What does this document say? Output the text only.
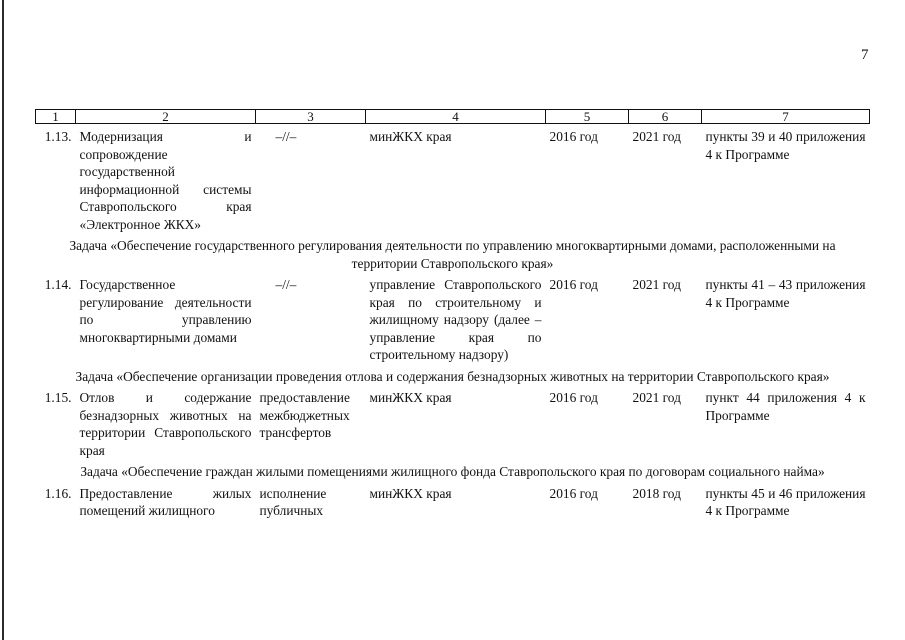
7
1	2	3	4	5	6	7
1.13.	Модернизация и сопровождение государственной информационной системы Ставропольского края «Электронное ЖКХ»	–//–	минЖКХ края	2016 год	2021 год	пункты 39 и 40 приложения 4 к Программе
Задача «Обеспечение государственного регулирования деятельности по управлению многоквартирными домами, расположенными на территории Ставропольского края»						
1.14.	Государственное регулирование деятельности по управлению многоквартирными домами	–//–	управление Ставропольского края по строительному и жилищному надзору (далее – управление края по строительному надзору)	2016 год	2021 год	пункты 41 – 43 приложения 4 к Программе
Задача «Обеспечение организации проведения отлова и содержания безнадзорных животных на территории Ставропольского края»						
1.15.	Отлов и содержание безнадзорных животных на территории Ставропольского края	предоставление межбюджетных трансфертов	минЖКХ края	2016 год	2021 год	пункт 44 приложения 4 к Программе
Задача «Обеспечение граждан жилыми помещениями жилищного фонда Ставропольского края по договорам социального найма»						
1.16.	Предоставление жилых помещений жилищного	исполнение публичных	минЖКХ края	2016 год	2018 год	пункты 45 и 46 приложения 4 к Программе
